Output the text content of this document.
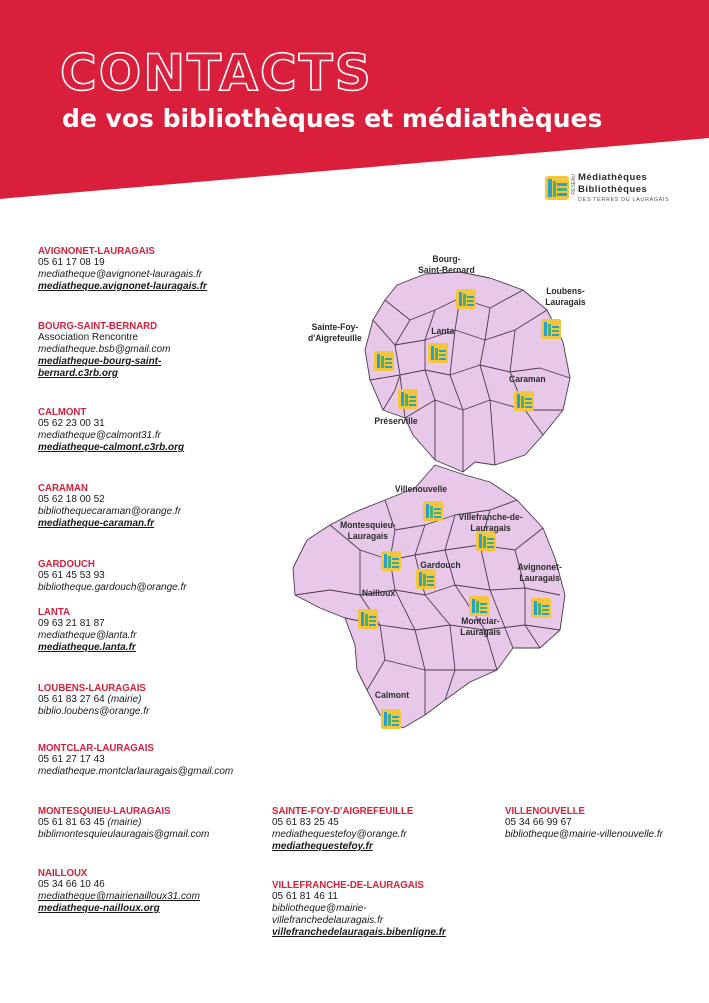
CONTACTS
de vos bibliothèques et médiathèques
RÉSEAU Médiathèques
Bibliothèques
DES TERRES DU LAURAGAIS
AVIGNONET-LAURAGAIS
05 61 17 08 19
mediatheque@avignonet-lauragais.fr
mediatheque.avignonet-lauragais.fr
BOURG-SAINT-BERNARD
Association Rencontre
mediatheque.bsb@gmail.com
mediatheque-bourg-saint-
bernard.c3rb.org
CALMONT
05 62 23 00 31
mediatheque@calmont31.fr
mediatheque-calmont.c3rb.org
CARAMAN
05 62 18 00 52
bibliothequecaraman@orange.fr
mediatheque-caraman.fr
GARDOUCH
05 61 45 53 93
bibliotheque.gardouch@orange.fr
LANTA
09 63 21 81 87
mediatheque@lanta.fr
mediatheque.lanta.fr
LOUBENS-LAURAGAIS
05 61 83 27 64 (mairie)
biblio.loubens@orange.fr
MONTCLAR-LAURAGAIS
05 61 27 17 43
mediatheque.montclarlauragais@gmail.com
MONTESQUIEU-LAURAGAIS
05 61 81 63 45 (mairie)
biblimontesquieulauragais@gmail.com
NAILLOUX
05 34 66 10 46
mediatheque@mairienailloux31.com
mediatheque-nailloux.org
SAINTE-FOY-D'AIGREFEUILLE
05 61 83 25 45
mediathequestefoy@orange.fr
mediathequestefoy.fr
VILLEFRANCHE-DE-LAURAGAIS
05 61 81 46 11
bibliotheque@mairie-
villefranchedelauragais.fr
villefranchedelauragais.bibenligne.fr
VILLENOUVELLE
05 34 66 99 67
bibliotheque@mairie-villenouvelle.fr
Bourg-
Saint-Bernard
Loubens-
Lauragais
Sainte-Foy-
d'Aigrefeuille
Lanta
Caraman
Préserville
Villenouvelle
Villefranche-de-
Lauragais
Montesquieu-
Lauragais
Gardouch	Avignonet-
Lauragais
Nailloux
Montclar-
Lauragais
Calmont
